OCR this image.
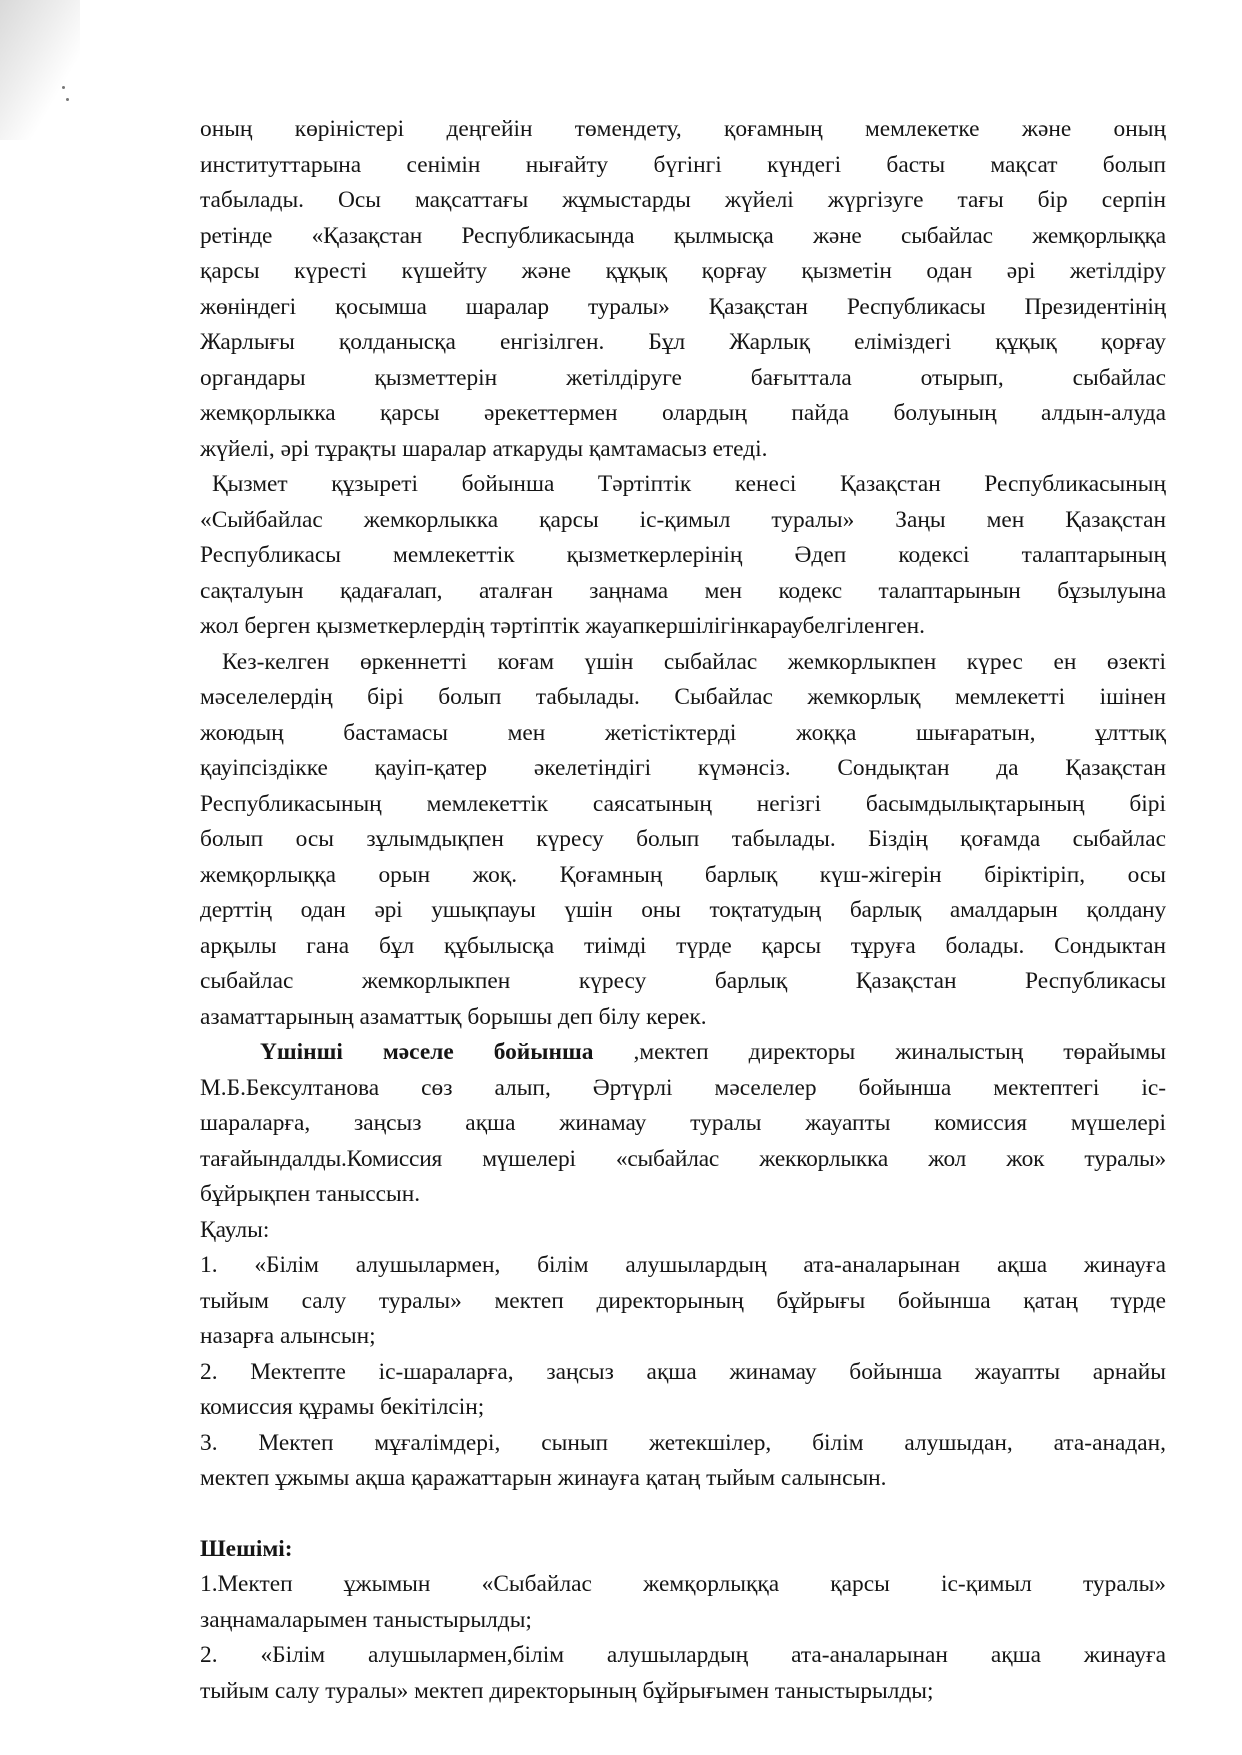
оның көріністері деңгейін төмендету, қоғамның мемлекетке және оның
институттарына сенімін нығайту бүгінгі күндегі басты мақсат болып
табылады. Осы мақсаттағы жұмыстарды жүйелі жүргізуге тағы бір серпін
ретінде «Қазақстан Республикасында қылмысқа және сыбайлас жемқорлыққа
қарсы күресті күшейту және құқық қорғау қызметін одан әрі жетілдіру
жөніндегі қосымша шаралар туралы» Қазақстан Республикасы Президентінің
Жарлығы қолданысқа енгізілген. Бұл Жарлық еліміздегі құқық қорғау
органдары қызметтерін жетілдіруге бағыттала отырып, сыбайлас
жемқорлыкка қарсы әрекеттермен олардың пайда болуының алдын-алуда
жүйелі, әрі тұрақты шаралар аткаруды қамтамасыз етеді.
Қызмет құзыреті бойынша Тәртіптік кенесі Қазақстан Республикасының
«Сыйбайлас жемкорлыкка қарсы іс-қимыл туралы» Заңы мен Қазақстан
Республикасы мемлекеттік қызметкерлерінің Әдеп кодексі талаптарының
сақталуын қадағалап, аталған заңнама мен кодекс талаптарынын бұзылуына
жол берген қызметкерлердің тәртіптік жауапкершілігінкараубелгіленген.
Кез-келген өркеннетті коғам үшін сыбайлас жемкорлыкпен күрес ен өзекті
мәселелердің бірі болып табылады. Сыбайлас жемкорлық мемлекетті ішінен
жоюдың бастамасы мен жетістіктерді жоққа шығаратын, ұлттық
қауіпсіздікке қауіп-қатер әкелетіндігі күмәнсіз. Сондықтан да Қазақстан
Республикасының мемлекеттік саясатының негізгі басымдылықтарының бірі
болып осы зұлымдықпен күресу болып табылады. Біздің қоғамда сыбайлас
жемқорлыққа орын жоқ. Қоғамның барлық күш-жігерін біріктіріп, осы
дерттің одан әрі ушықпауы үшін оны тоқтатудың барлық амалдарын қолдану
арқылы гана бұл құбылысқа тиімді түрде қарсы тұруға болады. Сондыктан
сыбайлас жемкорлыкпен күресу барлық Қазақстан Республикасы
азаматтарының азаматтық борышы деп білу керек.
Үшінші мәселе бойынша ,мектеп директоры жиналыстың төрайымы
М.Б.Бексултанова сөз алып, Әртүрлі мәселелер бойынша мектептегі іс-
шараларға, заңсыз ақша жинамау туралы жауапты комиссия мүшелері
тағайындалды.Комиссия мүшелері «сыбайлас жеккорлыкка жол жок туралы»
бұйрықпен таныссын.
Қаулы:
1. «Білім алушылармен, білім алушылардың ата-аналарынан ақша жинауға
тыйым салу туралы» мектеп директорының бұйрығы бойынша қатаң түрде
назарға алынсын;
2. Мектепте іс-шараларға, заңсыз ақша жинамау бойынша жауапты арнайы
комиссия құрамы бекітілсін;
3. Мектеп мұғалімдері, сынып жетекшілер, білім алушыдан, ата-анадан,
мектеп ұжымы ақша қаражаттарын жинауға қатаң тыйым салынсын.
Шешімі:
1.Мектеп ұжымын «Сыбайлас жемқорлыққа қарсы іс-қимыл туралы»
заңнамаларымен таныстырылды;
2. «Білім алушылармен,білім алушылардың ата-аналарынан ақша жинауға
тыйым салу туралы» мектеп директорының бұйрығымен таныстырылды;
